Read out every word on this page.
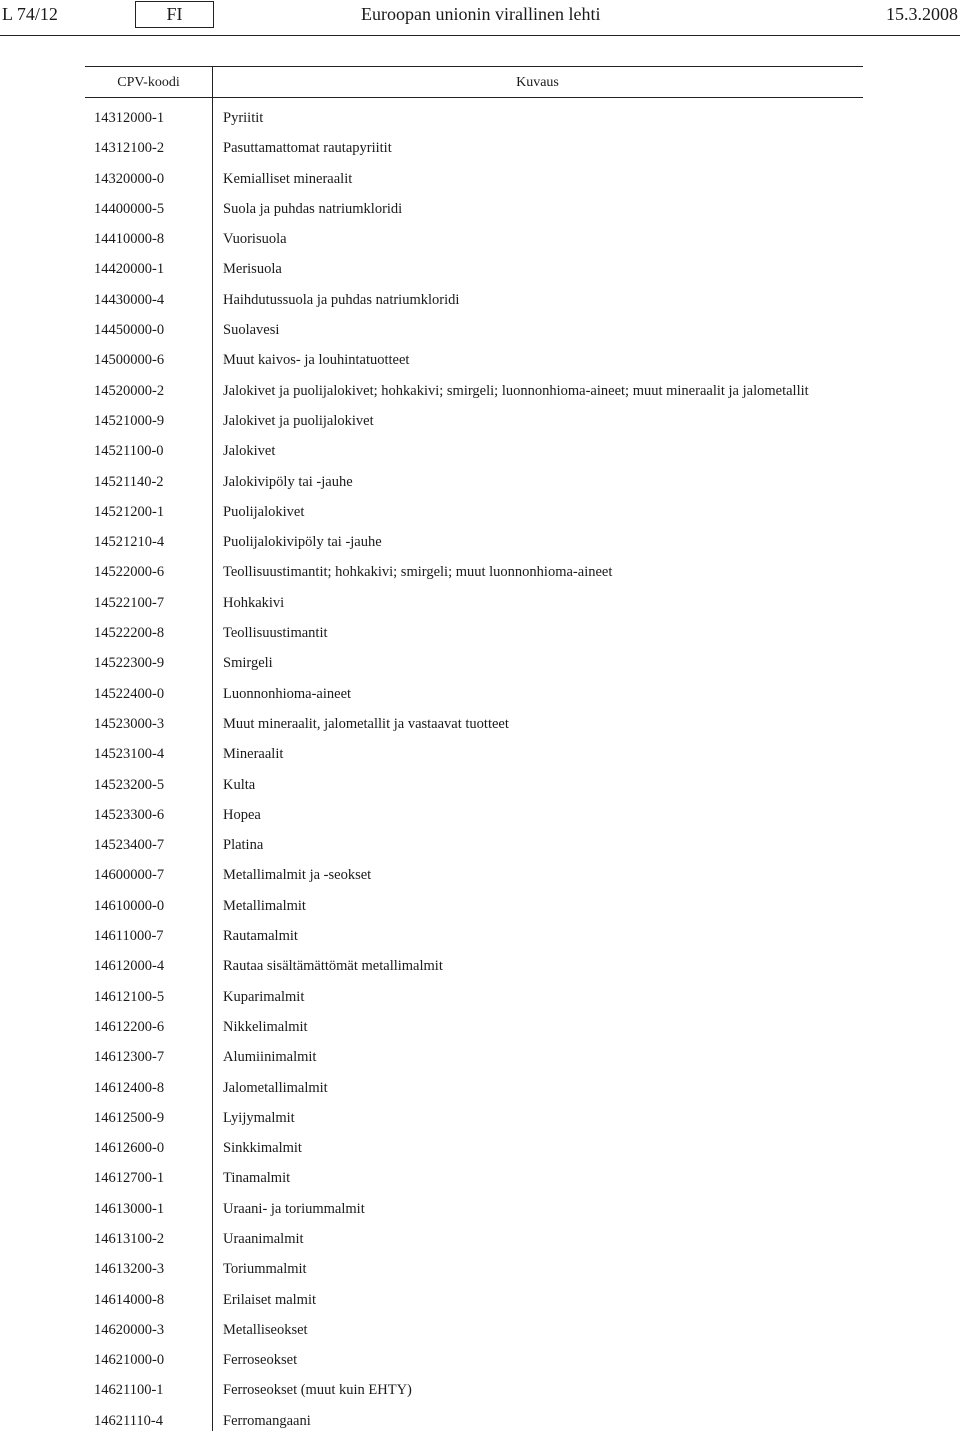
L 74/12	FI	Euroopan unionin virallinen lehti	15.3.2008
CPV-koodi	Kuvaus
14312000-1	Pyriitit
14312100-2	Pasuttamattomat rautapyriitit
14320000-0	Kemialliset mineraalit
14400000-5	Suola ja puhdas natriumkloridi
14410000-8	Vuorisuola
14420000-1	Merisuola
14430000-4	Haihdutussuola ja puhdas natriumkloridi
14450000-0	Suolavesi
14500000-6	Muut kaivos- ja louhintatuotteet
14520000-2	Jalokivet ja puolijalokivet; hohkakivi; smirgeli; luonnonhioma-aineet; muut mineraalit ja jalometallit
14521000-9	Jalokivet ja puolijalokivet
14521100-0	Jalokivet
14521140-2	Jalokivipöly tai -jauhe
14521200-1	Puolijalokivet
14521210-4	Puolijalokivipöly tai -jauhe
14522000-6	Teollisuustimantit; hohkakivi; smirgeli; muut luonnonhioma-aineet
14522100-7	Hohkakivi
14522200-8	Teollisuustimantit
14522300-9	Smirgeli
14522400-0	Luonnonhioma-aineet
14523000-3	Muut mineraalit, jalometallit ja vastaavat tuotteet
14523100-4	Mineraalit
14523200-5	Kulta
14523300-6	Hopea
14523400-7	Platina
14600000-7	Metallimalmit ja -seokset
14610000-0	Metallimalmit
14611000-7	Rautamalmit
14612000-4	Rautaa sisältämättömät metallimalmit
14612100-5	Kuparimalmit
14612200-6	Nikkelimalmit
14612300-7	Alumiinimalmit
14612400-8	Jalometallimalmit
14612500-9	Lyijymalmit
14612600-0	Sinkkimalmit
14612700-1	Tinamalmit
14613000-1	Uraani- ja toriummalmit
14613100-2	Uraanimalmit
14613200-3	Toriummalmit
14614000-8	Erilaiset malmit
14620000-3	Metalliseokset
14621000-0	Ferroseokset
14621100-1	Ferroseokset (muut kuin EHTY)
14621110-4	Ferromangaani
